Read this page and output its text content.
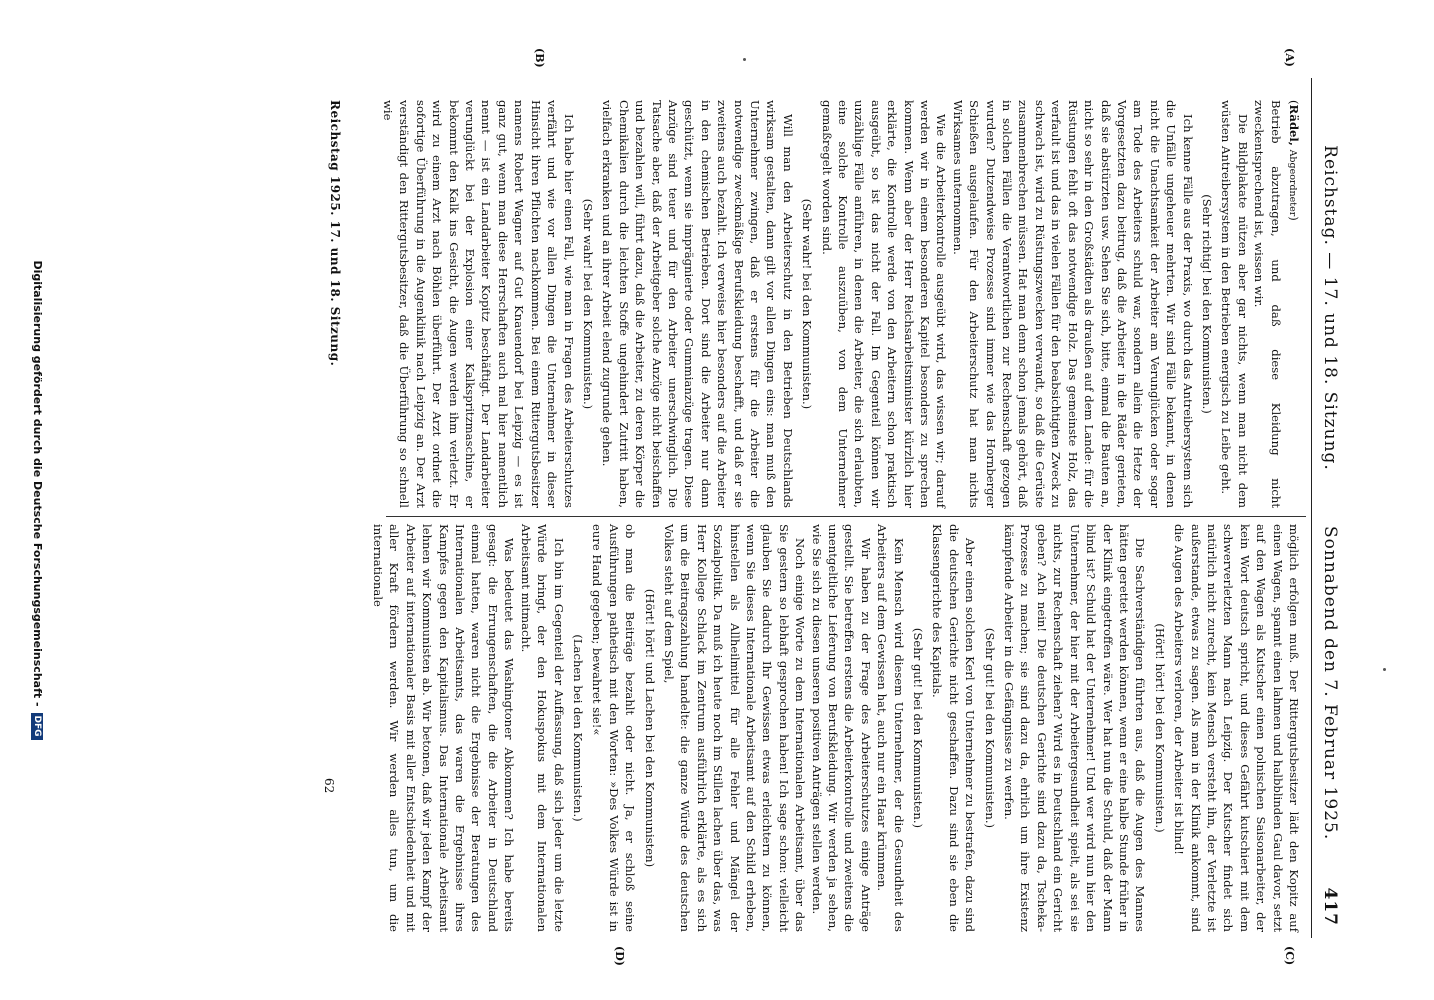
Reichstag. — 17. und 18. Sitzung.
Sonnabend den 7. Februar 1925.
417
(A)
(B)
(C)
(D)

(Rädel, Abgeordneter)

Betrieb abzutragen, und daß diese Kleidung nicht zweckentsprechend ist, wissen wir.

Die Bildplakate nützen aber gar nichts, wenn man nicht dem wüsten Antreibersystem in den Betrieben energisch zu Leibe geht.

(Sehr richtig! bei den Kommunisten.)

Ich kenne Fälle aus der Praxis, wo durch das Antreibersystem sich die Unfälle ungeheuer mehrten. Wir sind Fälle bekannt, in denen nicht die Unachtsamkeit der Arbeiter am Verunglücken oder sogar am Tode des Arbeiters schuld war, sondern allein die Hetze der Vorgesetzten dazu beitrug, daß die Arbeiter in die Räder gerieten, daß sie abstürzten usw. Sehen Sie sich, bitte, einmal die Bauten an, nicht so sehr in den Großstädten als draußen auf dem Lande: für die Rüstungen fehlt oft das notwendige Holz. Das gemeinste Holz, das verfault ist und das in vielen Fällen für den beabsichtigten Zweck zu schwach ist, wird zu Rüstungszwecken verwandt, so daß die Gerüste zusammenbrechen müssen. Hat man denn schon jemals gehört, daß in solchen Fällen die Verantwortlichen zur Rechenschaft gezogen wurden? Dutzendweise Prozesse sind immer wie das Hornberger Schießen ausgelaufen. Für den Arbeiterschutz hat man nichts Wirksames unternommen.

Wie die Arbeiterkontrolle ausgeübt wird, das wissen wir; darauf werden wir in einem besonderen Kapitel besonders zu sprechen kommen. Wenn aber der Herr Reichsarbeitsminister kürzlich hier erklärte, die Kontrolle werde von den Arbeitern schon praktisch ausgeübt, so ist das nicht der Fall. Im Gegenteil können wir unzählige Fälle anführen, in denen die Arbeiter, die sich erlaubten, eine solche Kontrolle auszuüben, von dem Unternehmer gemaßregelt worden sind.

(Sehr wahr! bei den Kommunisten.)

Will man den Arbeiterschutz in den Betrieben Deutschlands wirksam gestalten, dann gilt vor allen Dingen eins: man muß den Unternehmer zwingen, daß er erstens für die Arbeiter die notwendige zweckmäßige Berufskleidung beschafft, und daß er sie zweitens auch bezahlt. Ich verweise hier besonders auf die Arbeiter in den chemischen Betrieben. Dort sind die Arbeiter nur dann geschützt, wenn sie imprägnierte oder Gummianzüge tragen. Diese Anzüge sind teuer und für den Arbeiter unerschwinglich. Die Tatsache aber, daß der Arbeitgeber solche Anzüge nicht beischaffen und bezahlen will, führt dazu, daß die Arbeiter, zu deren Körper die Chemikalien durch die leichten Stoffe ungehindert Zutritt haben, vielfach erkranken und an ihrer Arbeit elend zugrunde gehen.

(Sehr wahr! bei den Kommunisten.)

Ich habe hier einen Fall, wie man in Fragen des Arbeiterschutzes verfährt und wie vor allen Dingen die Unternehmer in dieser Hinsicht ihren Pflichten nachkommen. Bei einem Rittergutsbesitzer namens Robert Wagner auf Gut Knauendorf bei Leipzig — es ist ganz gut, wenn man diese Herrschaften auch mal hier namentlich nennt — ist ein Landarbeiter Kopitz beschäftigt. Der Landarbeiter verunglückt bei der Explosion einer Kalkspritzmaschine, er bekommt den Kalk ins Gesicht, die Augen werden ihm verletzt. Er wird zu einem Arzt nach Böhlen überführt. Der Arzt ordnet die sofortige Überführung in die Augenklinik nach Leipzig an. Der Arzt verständigt den Rittergutsbesitzer, daß die Überführung so schnell wie

möglich erfolgen muß. Der Rittergutsbesitzer lädt den Kopitz auf einen Wagen, spannt einen lahmen und halbblinden Gaul davor, setzt auf den Wagen als Kutscher einen polnischen Saisonarbeiter, der kein Wort deutsch spricht, und dieses Gefährt kutschiert mit dem schwerverletzten Mann nach Leipzig. Der Kutscher findet sich natürlich nicht zurecht, kein Mensch versteht ihn, der Verletzte ist außerstande, etwas zu sagen. Als man in der Klinik ankommt, sind die Augen des Arbeiters verloren, der Arbeiter ist blind!

(Hört! hört! bei den Kommunisten.)

Die Sachverständigen führten aus, daß die Augen des Mannes hätten gerettet werden können, wenn er eine halbe Stunde früher in der Klinik eingetroffen wäre. Wer hat nun die Schuld, daß der Mann blind ist? Schuld hat der Unternehmer! Und wer wird nun hier den Unternehmer, der hier mit der Arbeitergesundheit spielt, als sei sie nichts, zur Rechenschaft ziehen? Wird es in Deutschland ein Gericht geben? Ach nein! Die deutschen Gerichte sind dazu da, Tscheka-Prozesse zu machen; sie sind dazu da, ehrlich um ihre Existenz kämpfende Arbeiter in die Gefängnisse zu werfen.

(Sehr gut! bei den Kommunisten.)

Aber einen solchen Kerl von Unternehmer zu bestrafen, dazu sind die deutschen Gerichte nicht geschaffen. Dazu sind sie eben die Klassengerichte des Kapitals.

(Sehr gut! bei den Kommunisten.)

Kein Mensch wird diesem Unternehmer, der die Gesundheit des Arbeiters auf dem Gewissen hat, auch nur ein Haar krümmen.

Wir haben zu der Frage des Arbeiterschutzes einige Anträge gestellt. Sie betreffen erstens die Arbeiterkontrolle und zweitens die unentgeltliche Lieferung von Berufskleidung. Wir werden ja sehen, wie Sie sich zu diesen unseren positiven Anträgen stellen werden.

Noch einige Worte zu dem Internationalen Arbeitsamt, über das Sie gestern so lebhaft gesprochen haben! Ich sage schon: vielleicht glauben Sie dadurch Ihr Gewissen etwas erleichtern zu können, wenn Sie dieses Internationale Arbeitsamt auf den Schild erheben, hinstellen als Allheilmittel für alle Fehler und Mängel der Sozialpolitik. Da muß ich heute noch im Stillen lachen über das, was Herr Kollege Schlack im Zentrum ausführlich erklärte, als es sich um die Beitragszahlung handelte: die ganze Würde des deutschen Volkes steht auf dem Spiel,

(Hört! hört! und Lachen bei den Kommunisten)

ob man die Beiträge bezahlt oder nicht. Ja, er schloß seine Ausführungen pathetisch mit den Worten: »Des Volkes Würde ist in eure Hand gegeben; bewahret sie!«

(Lachen bei den Kommunisten.)

Ich bin im Gegenteil der Auffassung, daß sich jeder um die letzte Würde bringt, der den Hokuspokus mit dem Internationalen Arbeitsamt mitmacht.

Was bedeutet das Washingtoner Abkommen? Ich habe bereits gesagt: die Errungenschaften, die die Arbeiter in Deutschland einmal hatten, waren nicht die Ergebnisse der Beratungen des Internationalen Arbeitsamts, das waren die Ergebnisse ihres Kampfes gegen den Kapitalismus. Das Internationale Arbeitsamt lehnen wir Kommunisten ab. Wir betonen, daß wir jeden Kampf der Arbeiter auf internationaler Basis mit aller Entschiedenheit und mit aller Kraft fördern werden. Wir werden alles tun, um die internationale

Reichstag 1925. 17. und 18. Sitzung.
62
Digitalisierung gefördert durch die Deutsche Forschungsgemeinschaft -DFG
